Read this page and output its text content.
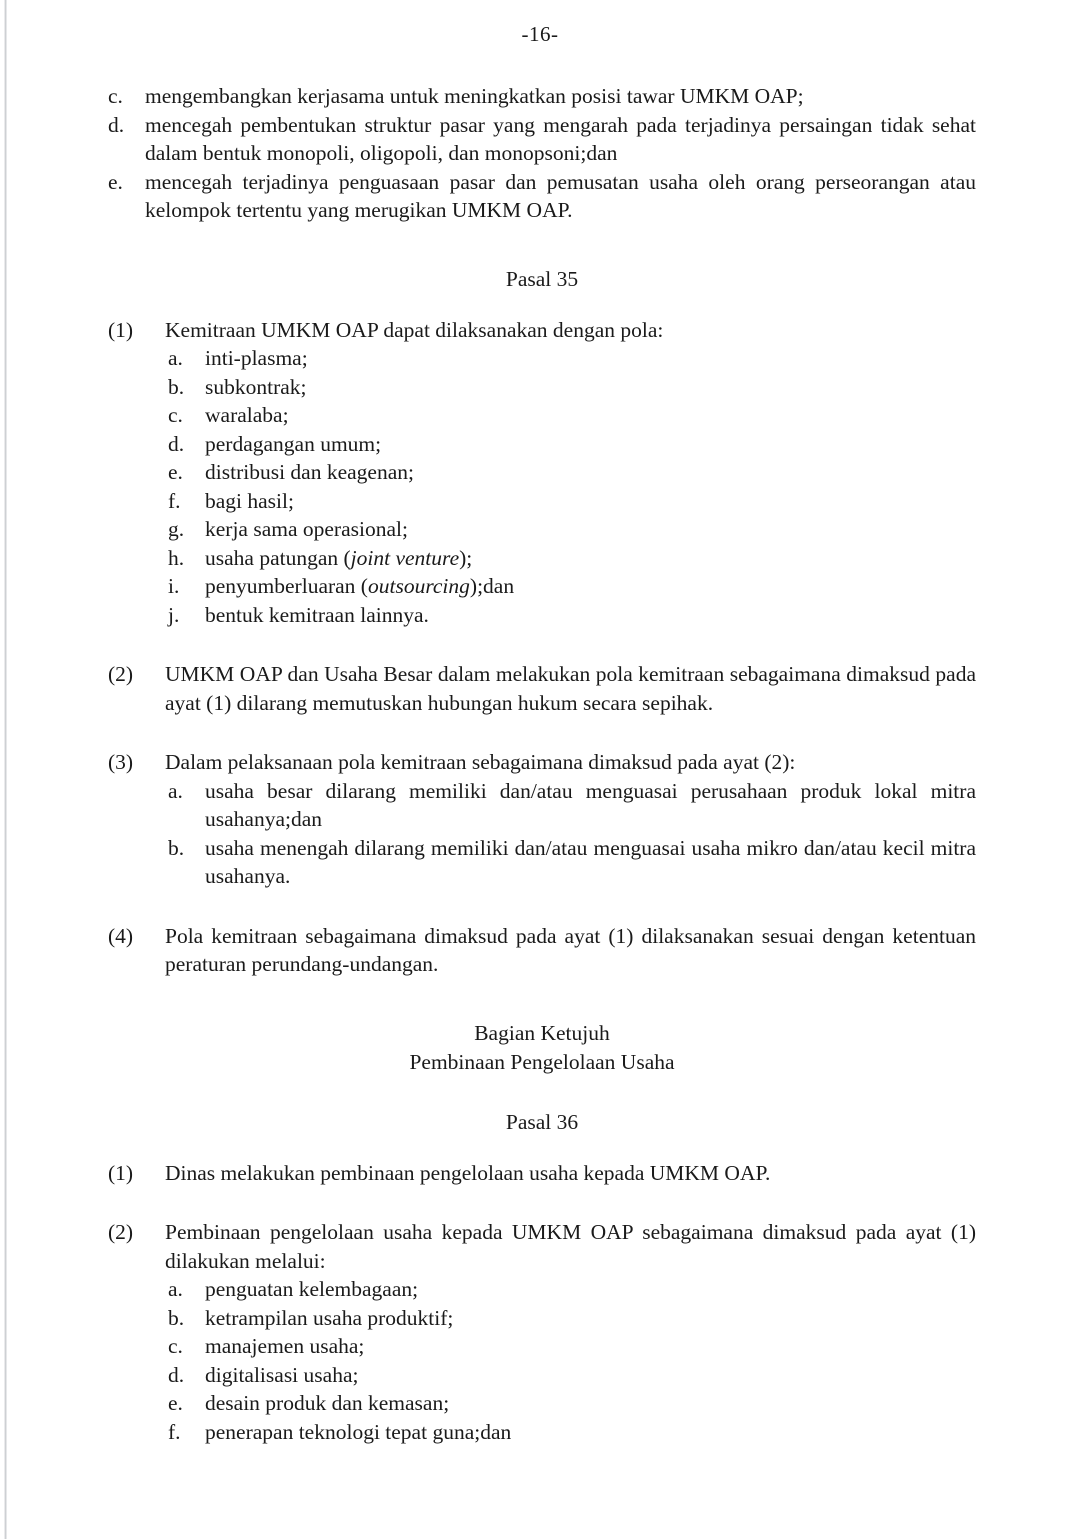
-16-
c.	mengembangkan kerjasama untuk meningkatkan posisi tawar UMKM OAP;
d. mencegah pembentukan struktur pasar yang mengarah pada terjadinya persaingan tidak sehat dalam bentuk monopoli, oligopoli, dan monopsoni;dan
e.	mencegah terjadinya penguasaan pasar dan pemusatan usaha oleh orang perseorangan atau kelompok tertentu yang merugikan UMKM OAP.
Pasal 35
(1)	Kemitraan UMKM OAP dapat dilaksanakan dengan pola:
a.	inti-plasma;
b. subkontrak;
c.	waralaba;
d. perdagangan umum;
e.	distribusi dan keagenan;
f.	bagi hasil;
g. kerja sama operasional;
h. usaha patungan (joint venture);
i.	penyumberluaran (outsourcing);dan
j.	bentuk kemitraan lainnya.
(2)	UMKM OAP dan Usaha Besar dalam melakukan pola kemitraan sebagaimana dimaksud pada ayat (1) dilarang memutuskan hubungan hukum secara sepihak.
(3)	Dalam pelaksanaan pola kemitraan sebagaimana dimaksud pada ayat (2):
a.	usaha besar dilarang memiliki dan/atau menguasai perusahaan produk lokal mitra usahanya;dan
b. usaha menengah dilarang memiliki dan/atau menguasai usaha mikro dan/atau kecil mitra usahanya.
(4)	Pola kemitraan sebagaimana dimaksud pada ayat (1) dilaksanakan sesuai dengan ketentuan peraturan perundang-undangan.
Bagian Ketujuh
Pembinaan Pengelolaan Usaha
Pasal 36
(1)	Dinas melakukan pembinaan pengelolaan usaha kepada UMKM OAP.
(2)	Pembinaan pengelolaan usaha kepada UMKM OAP sebagaimana dimaksud pada ayat (1) dilakukan melalui:
a.	penguatan kelembagaan;
b. ketrampilan usaha produktif;
c.	manajemen usaha;
d. digitalisasi usaha;
e.	desain produk dan kemasan;
f.	penerapan teknologi tepat guna;dan
